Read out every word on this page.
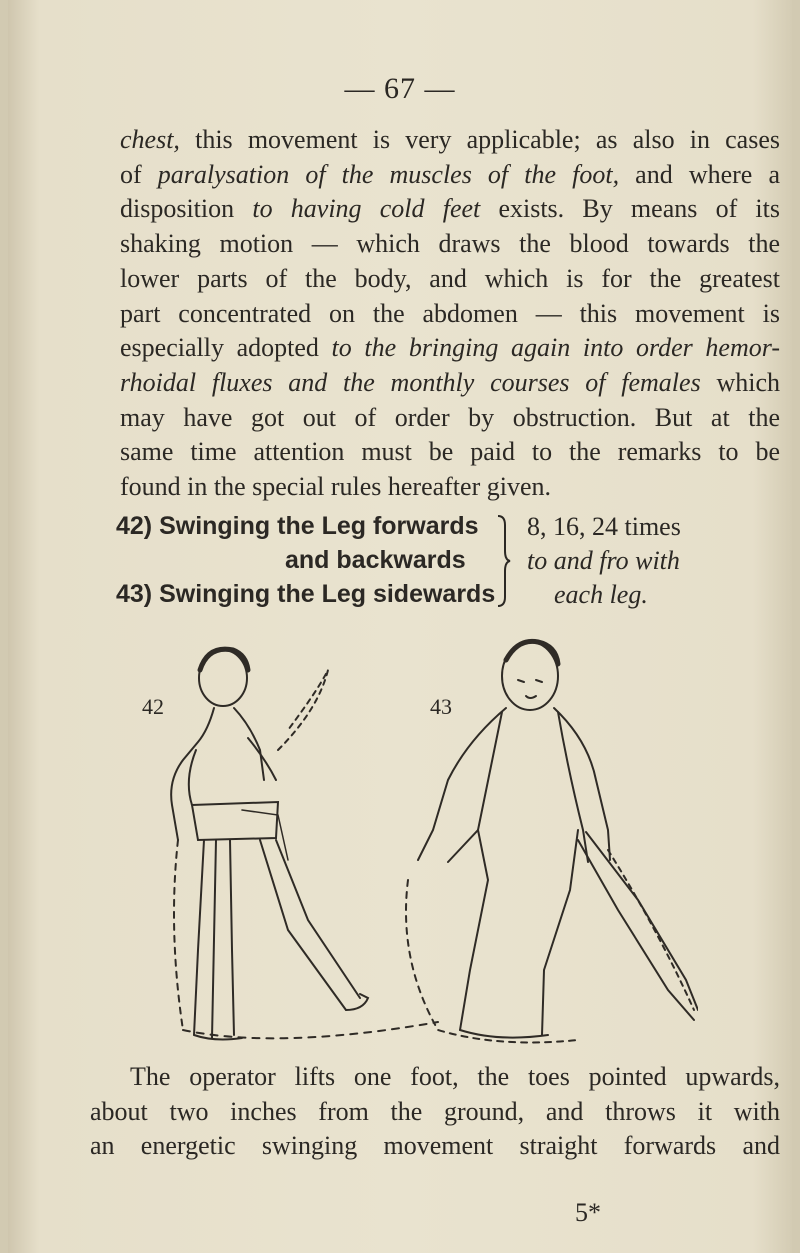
— 67 —
chest, this movement is very applicable; as also in cases
of paralysation of the muscles of the foot, and where a
disposition to having cold feet exists. By means of its
shaking motion — which draws the blood towards the
lower parts of the body, and which is for the greatest
part concentrated on the abdomen — this movement is
especially adopted to the bringing again into order hemor-
rhoidal fluxes and the monthly courses of females which
may have got out of order by obstruction. But at the
same time attention must be paid to the remarks to be
found in the special rules hereafter given.
42) Swinging the Leg forwards
and backwards
43) Swinging the Leg sidewards
8, 16, 24 times
to and fro with
each leg.
42	43
The operator lifts one foot, the toes pointed upwards,
about two inches from the ground, and throws it with
an energetic swinging movement straight forwards and
5*
